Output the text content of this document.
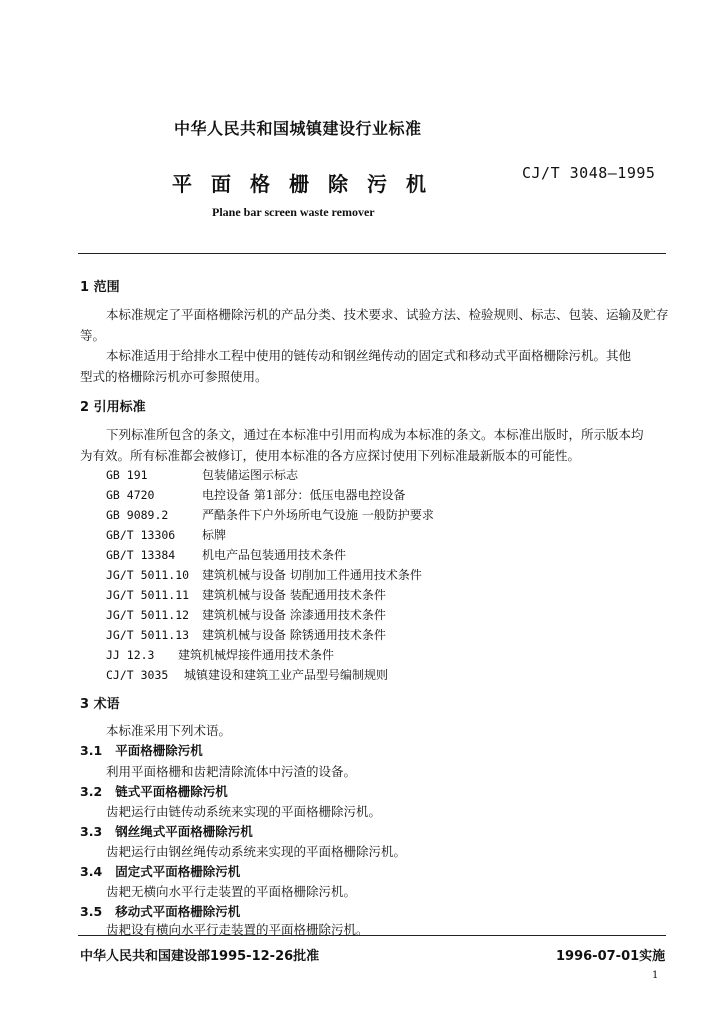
中华人民共和国城镇建设行业标准
平面格栅除污机	CJ/T 3048—1995
Plane bar screen waste remover
1 范围
本标准规定了平面格栅除污机的产品分类、技术要求、试验方法、检验规则、标志、包装、运输及贮存
等。
本标准适用于给排水工程中使用的链传动和钢丝绳传动的固定式和移动式平面格栅除污机。其他
型式的格栅除污机亦可参照使用。
2 引用标准
下列标准所包含的条文，通过在本标准中引用而构成为本标准的条文。本标准出版时，所示版本均
为有效。所有标准都会被修订，使用本标准的各方应探讨使用下列标准最新版本的可能性。
GB 191	包装储运图示标志
GB 4720	电控设备 第1部分：低压电器电控设备
GB 9089.2	严酷条件下户外场所电气设施 一般防护要求
GB/T 13306 标牌
GB/T 13384 机电产品包装通用技术条件
JG/T 5011.10 建筑机械与设备 切削加工件通用技术条件
JG/T 5011.11 建筑机械与设备 装配通用技术条件
JG/T 5011.12 建筑机械与设备 涂漆通用技术条件
JG/T 5011.13 建筑机械与设备 除锈通用技术条件
JJ 12.3 建筑机械焊接件通用技术条件
CJ/T 3035 城镇建设和建筑工业产品型号编制规则
3 术语
本标准采用下列术语。
3.1 平面格栅除污机
利用平面格栅和齿耙清除流体中污渣的设备。
3.2 链式平面格栅除污机
齿耙运行由链传动系统来实现的平面格栅除污机。
3.3 钢丝绳式平面格栅除污机
齿耙运行由钢丝绳传动系统来实现的平面格栅除污机。
3.4 固定式平面格栅除污机
齿耙无横向水平行走装置的平面格栅除污机。
3.5 移动式平面格栅除污机
齿耙设有横向水平行走装置的平面格栅除污机。
中华人民共和国建设部1995-12-26批准	1996-07-01实施
1
